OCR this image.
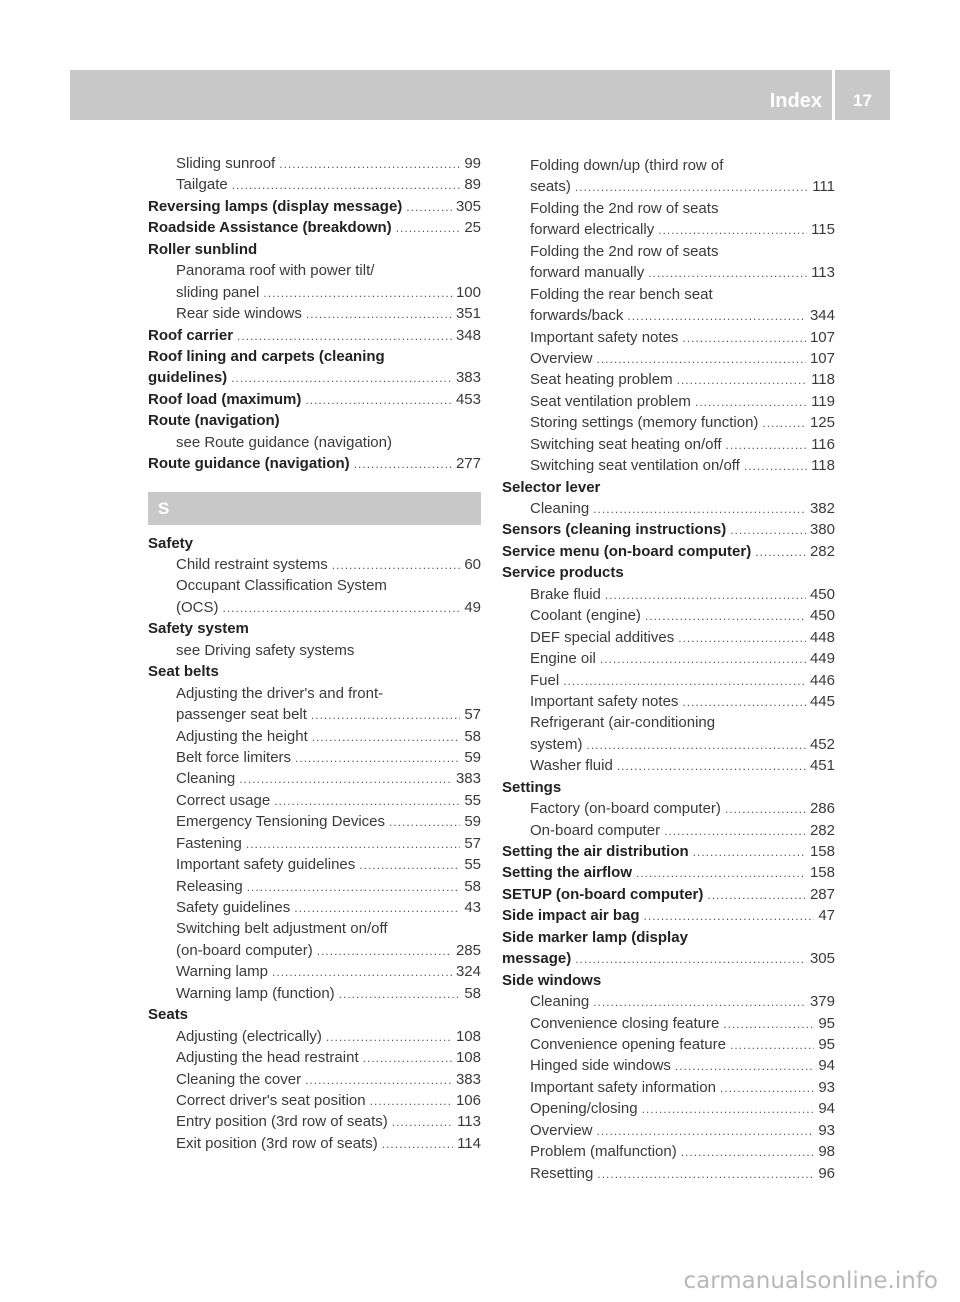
Index	17
Sliding sunroof .....	99
Tailgate .....	89
Reversing lamps (display message) .....	305
Roadside Assistance (breakdown) .....	25
Roller sunblind
Panorama roof with power tilt/
sliding panel .....	100
Rear side windows .....	351
Roof carrier .....	348
Roof lining and carpets (cleaning
guidelines) .....	383
Roof load (maximum) .....	453
Route (navigation)
see Route guidance (navigation)
Route guidance (navigation) .....	277
S
Safety
Child restraint systems .....	60
Occupant Classification System
(OCS) .....	49
Safety system
see Driving safety systems
Seat belts
Adjusting the driver's and front-
passenger seat belt .....	57
Adjusting the height .....	58
Belt force limiters .....	59
Cleaning .....	383
Correct usage .....	55
Emergency Tensioning Devices .....	59
Fastening .....	57
Important safety guidelines .....	55
Releasing .....	58
Safety guidelines .....	43
Switching belt adjustment on/off
(on-board computer) .....	285
Warning lamp .....	324
Warning lamp (function) .....	58
Seats
Adjusting (electrically) .....	108
Adjusting the head restraint .....	108
Cleaning the cover .....	383
Correct driver's seat position .....	106
Entry position (3rd row of seats) .....	113
Exit position (3rd row of seats) .....	114
Folding down/up (third row of
seats) .....	111
Folding the 2nd row of seats
forward electrically .....	115
Folding the 2nd row of seats
forward manually .....	113
Folding the rear bench seat
forwards/back .....	344
Important safety notes .....	107
Overview .....	107
Seat heating problem .....	118
Seat ventilation problem .....	119
Storing settings (memory function) .....	125
Switching seat heating on/off .....	116
Switching seat ventilation on/off .....	118
Selector lever
Cleaning .....	382
Sensors (cleaning instructions) .....	380
Service menu (on-board computer) .....	282
Service products
Brake fluid .....	450
Coolant (engine) .....	450
DEF special additives .....	448
Engine oil .....	449
Fuel .....	446
Important safety notes .....	445
Refrigerant (air-conditioning
system) .....	452
Washer fluid .....	451
Settings
Factory (on-board computer) .....	286
On-board computer .....	282
Setting the air distribution .....	158
Setting the airflow .....	158
SETUP (on-board computer) .....	287
Side impact air bag .....	47
Side marker lamp (display
message) .....	305
Side windows
Cleaning .....	379
Convenience closing feature .....	95
Convenience opening feature .....	95
Hinged side windows .....	94
Important safety information .....	93
Opening/closing .....	94
Overview .....	93
Problem (malfunction) .....	98
Resetting .....	96
carmanualsonline.info
